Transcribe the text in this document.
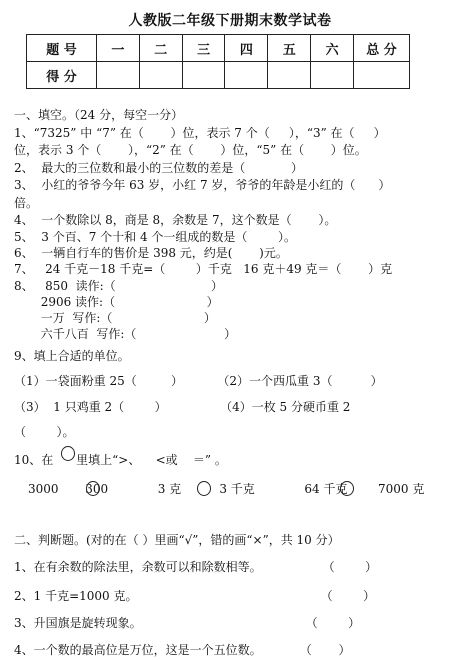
人教版二年级下册期末数学试卷
题 号	一	二	三	四	五	六	总 分
得 分							
一、填空。（24 分，每空一分）
1、“7325” 中 “7” 在（       ）位，表示 7 个（     ），“3” 在（     ）
位，表示 3 个（       ），“2” 在（       ）位，“5” 在（       ）位。
2、  最大的三位数和最小的三位数的差是（            ）
3、  小红的爷爷今年 63 岁，小红 7 岁，爷爷的年龄是小红的（      ）
倍。
4、  一个数除以 8，商是 8，余数是 7，这个数是（       ）。
5、  3 个百、7 个十和 4 个一组成的数是（        ）。
6、  一辆自行车的售价是 398 元，约是(       )元。
7、   24 千克－18 千克=（        ）千克   16 克＋49 克＝（       ）克
8、   850  读作:（                         ）
2906 读作:（                        ）
一万  写作:（                        ）
六千八百  写作:（                       ）
9、填上合适的单位。
（1）一袋面粉重 25（         ）         （2）一个西瓜重 3（          ）
（3）  1 只鸡重 2（        ）              （4）一枚 5 分硬币重 2
（        ）。
10、在      里填上“>、    <或    ＝” 。
3000       300             3 克          3 千克             64 千克        7000 克
二、判断题。(对的在（ ）里画“√”，错的画“×”，共 10 分）
1、在有余数的除法里，余数可以和除数相等。                （        ）
2、1 千克=1000 克。                                                （        ）
3、升国旗是旋转现象。                                           （        ）
4、一个数的最高位是万位，这是一个五位数。          （       ）
